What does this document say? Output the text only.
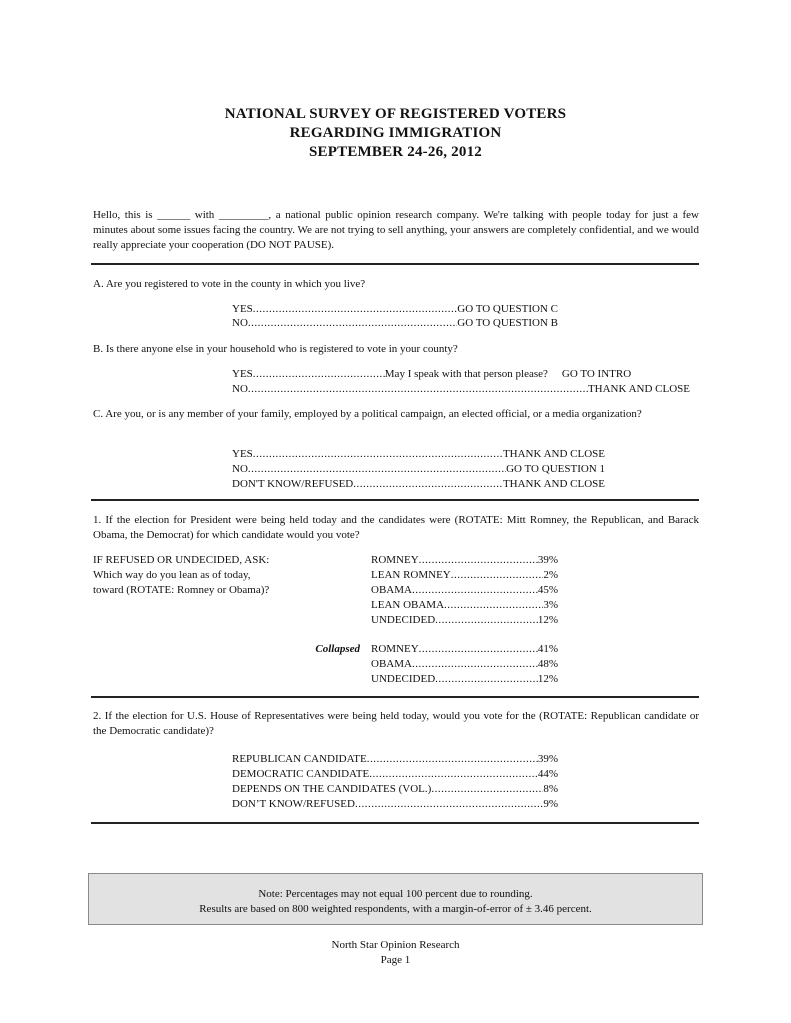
NATIONAL SURVEY OF REGISTERED VOTERS
REGARDING IMMIGRATION
SEPTEMBER 24-26, 2012
Hello, this is ______ with _________, a national public opinion research company. We're talking with people today for just a few minutes about some issues facing the country. We are not trying to sell anything, your answers are completely confidential, and we would really appreciate your cooperation (DO NOT PAUSE).
A. Are you registered to vote in the county in which you live?
YES .....	GO TO QUESTION C
NO .....	GO TO QUESTION B
B. Is there anyone else in your household who is registered to vote in your county?
YES .....	May I speak with that person please? GO TO INTRO
NO .....	THANK AND CLOSE
C. Are you, or is any member of your family, employed by a political campaign, an elected official, or a media organization?
YES .....	THANK AND CLOSE
NO .....	GO TO QUESTION 1
DON'T KNOW/REFUSED .....	THANK AND CLOSE
1. If the election for President were being held today and the candidates were (ROTATE: Mitt Romney, the Republican, and Barack Obama, the Democrat) for which candidate would you vote?
IF REFUSED OR UNDECIDED, ASK:
Which way do you lean as of today,
toward (ROTATE: Romney or Obama)?
ROMNEY .....	39%
LEAN ROMNEY .....	2%
OBAMA .....	45%
LEAN OBAMA .....	3%
UNDECIDED .....	12%
Collapsed ROMNEY .....	41%
OBAMA .....	48%
UNDECIDED .....	12%
2. If the election for U.S. House of Representatives were being held today, would you vote for the (ROTATE: Republican candidate or the Democratic candidate)?
REPUBLICAN CANDIDATE .....	39%
DEMOCRATIC CANDIDATE .....	44%
DEPENDS ON THE CANDIDATES (VOL.) .....	8%
DON’T KNOW/REFUSED .....	9%
Note: Percentages may not equal 100 percent due to rounding.
Results are based on 800 weighted respondents, with a margin-of-error of ± 3.46 percent.
North Star Opinion Research
Page 1
